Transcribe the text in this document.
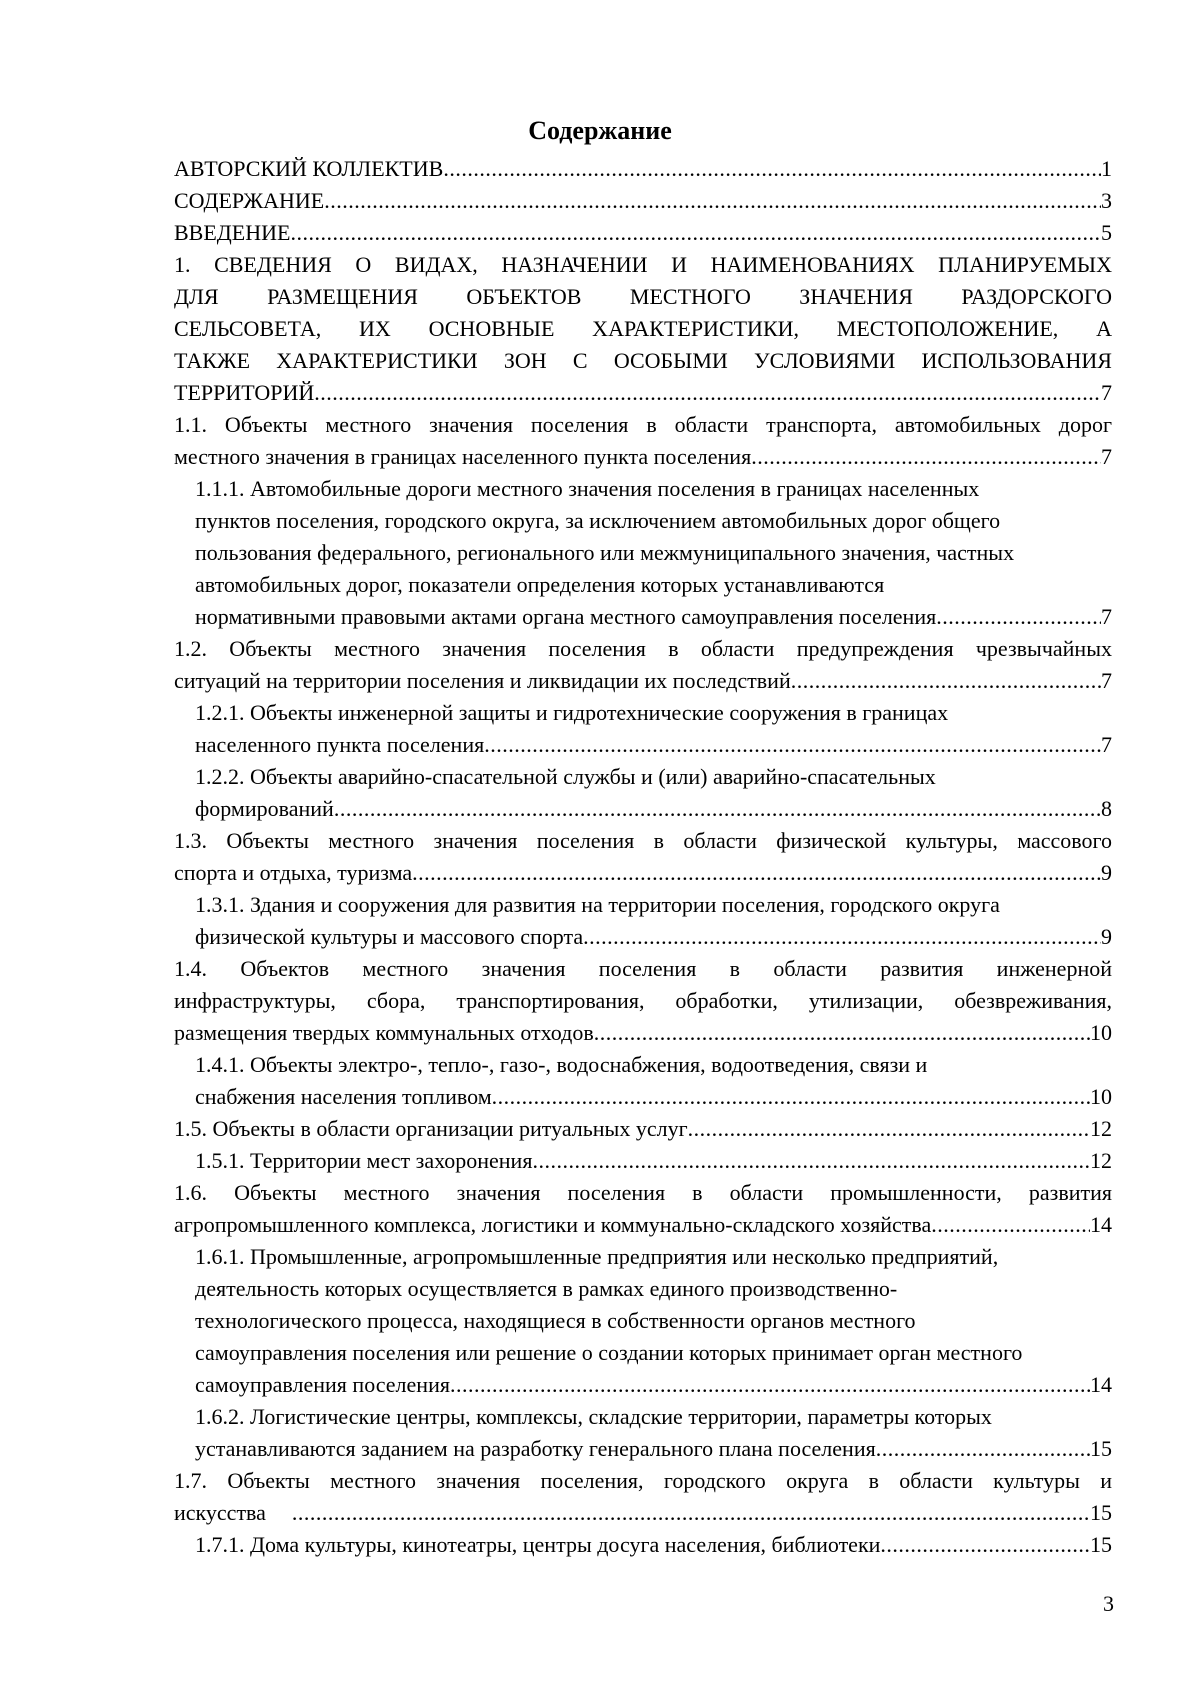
Содержание
АВТОРСКИЙ КОЛЛЕКТИВ .....	1
СОДЕРЖАНИЕ .....	3
ВВЕДЕНИЕ .....	5
1. СВЕДЕНИЯ О ВИДАХ, НАЗНАЧЕНИИ И НАИМЕНОВАНИЯХ ПЛАНИРУЕМЫХ
ДЛЯ РАЗМЕЩЕНИЯ ОБЪЕКТОВ МЕСТНОГО ЗНАЧЕНИЯ РАЗДОРСКОГО
СЕЛЬСОВЕТА, ИХ ОСНОВНЫЕ ХАРАКТЕРИСТИКИ, МЕСТОПОЛОЖЕНИЕ, А
ТАКЖЕ ХАРАКТЕРИСТИКИ ЗОН С ОСОБЫМИ УСЛОВИЯМИ ИСПОЛЬЗОВАНИЯ
ТЕРРИТОРИЙ .....	7
1.1. Объекты местного значения поселения в области транспорта, автомобильных дорог
местного значения в границах населенного пункта поселения .....	7
1.1.1. Автомобильные дороги местного значения поселения в границах населенных
пунктов поселения, городского округа, за исключением автомобильных дорог общего
пользования федерального, регионального или межмуниципального значения, частных
автомобильных дорог, показатели определения которых устанавливаются
нормативными правовыми актами органа местного самоуправления поселения .....	7
1.2. Объекты местного значения поселения в области предупреждения чрезвычайных
ситуаций на территории поселения и ликвидации их последствий .....	7
1.2.1. Объекты инженерной защиты и гидротехнические сооружения в границах
населенного пункта поселения .....	7
1.2.2. Объекты аварийно-спасательной службы и (или) аварийно-спасательных
формирований .....	8
1.3. Объекты местного значения поселения в области физической культуры, массового
спорта и отдыха, туризма .....	9
1.3.1. Здания и сооружения для развития на территории поселения, городского округа
физической культуры и массового спорта .....	9
1.4. Объектов местного значения поселения в области развития инженерной
инфраструктуры, сбора, транспортирования, обработки, утилизации, обезвреживания,
размещения твердых коммунальных отходов .....	10
1.4.1. Объекты электро-, тепло-, газо-, водоснабжения, водоотведения, связи и
снабжения населения топливом .....	10
1.5. Объекты в области организации ритуальных услуг .....	12
1.5.1. Территории мест захоронения .....	12
1.6. Объекты местного значения поселения в области промышленности, развития
агропромышленного комплекса, логистики и коммунально-складского хозяйства .....	14
1.6.1. Промышленные, агропромышленные предприятия или несколько предприятий,
деятельность которых осуществляется в рамках единого производственно-
технологического процесса, находящиеся в собственности органов местного
самоуправления поселения или решение о создании которых принимает орган местного
самоуправления поселения .....	14
1.6.2. Логистические центры, комплексы, складские территории, параметры которых
устанавливаются заданием на разработку генерального плана поселения .....	15
1.7. Объекты местного значения поселения, городского округа в области культуры и
искусства .....	15
1.7.1. Дома культуры, кинотеатры, центры досуга населения, библиотеки .....	15
3
